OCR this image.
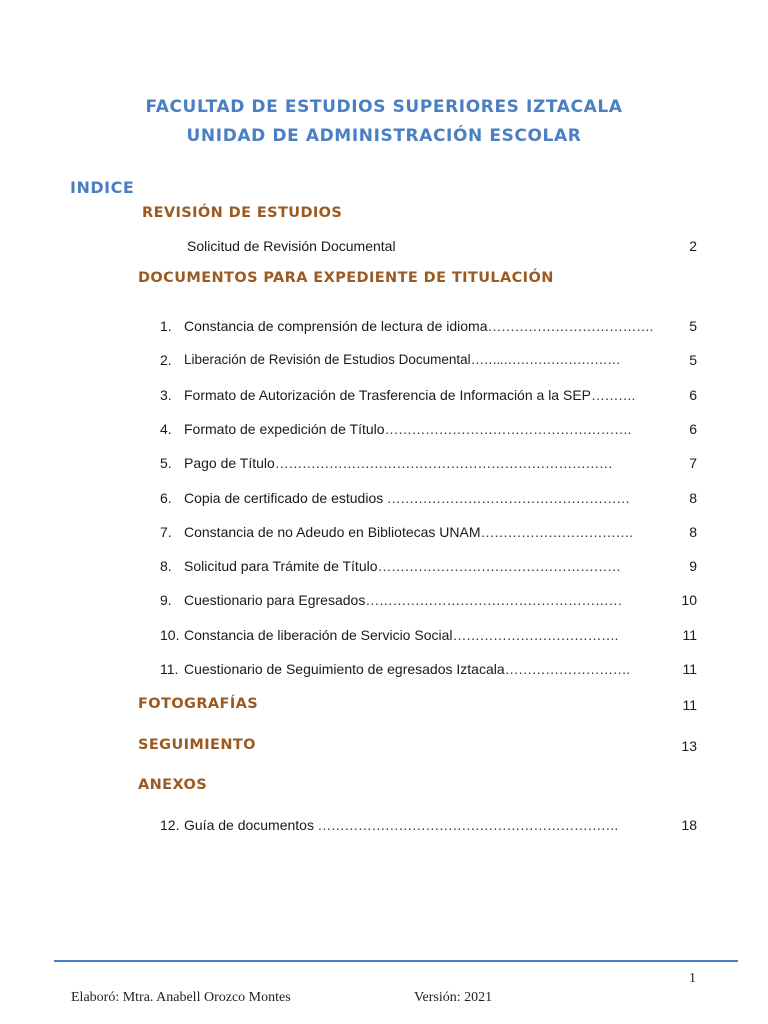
FACULTAD DE ESTUDIOS SUPERIORES IZTACALA
UNIDAD DE ADMINISTRACIÓN ESCOLAR
INDICE
REVISIÓN DE ESTUDIOS
Solicitud de Revisión Documental	2
DOCUMENTOS PARA EXPEDIENTE DE TITULACIÓN
1. Constancia de comprensión de lectura de idioma……………………………….	5
2. Liberación de Revisión de Estudios Documental……..………………………	5
3. Formato de Autorización de Trasferencia de Información a la SEP……….	6
4. Formato de expedición de Título……………………………………………….	6
5. Pago de Título…………………………………………………………………	7
6. Copia de certificado de estudios ………………………………………………	8
7. Constancia de no Adeudo en Bibliotecas UNAM…………………………….	8
8. Solicitud para Trámite de Título………………………………………………	9
9. Cuestionario para Egresados…………………………………………………	10
10. Constancia de liberación de Servicio Social……………………………….	11
11. Cuestionario de Seguimiento de egresados Iztacala……………………….	11
FOTOGRAFÍAS	11
SEGUIMIENTO	13
ANEXOS
12. Guía de documentos ………………………………………………………….	18
1
Elaboró: Mtra. Anabell Orozco Montes	Versión: 2021
